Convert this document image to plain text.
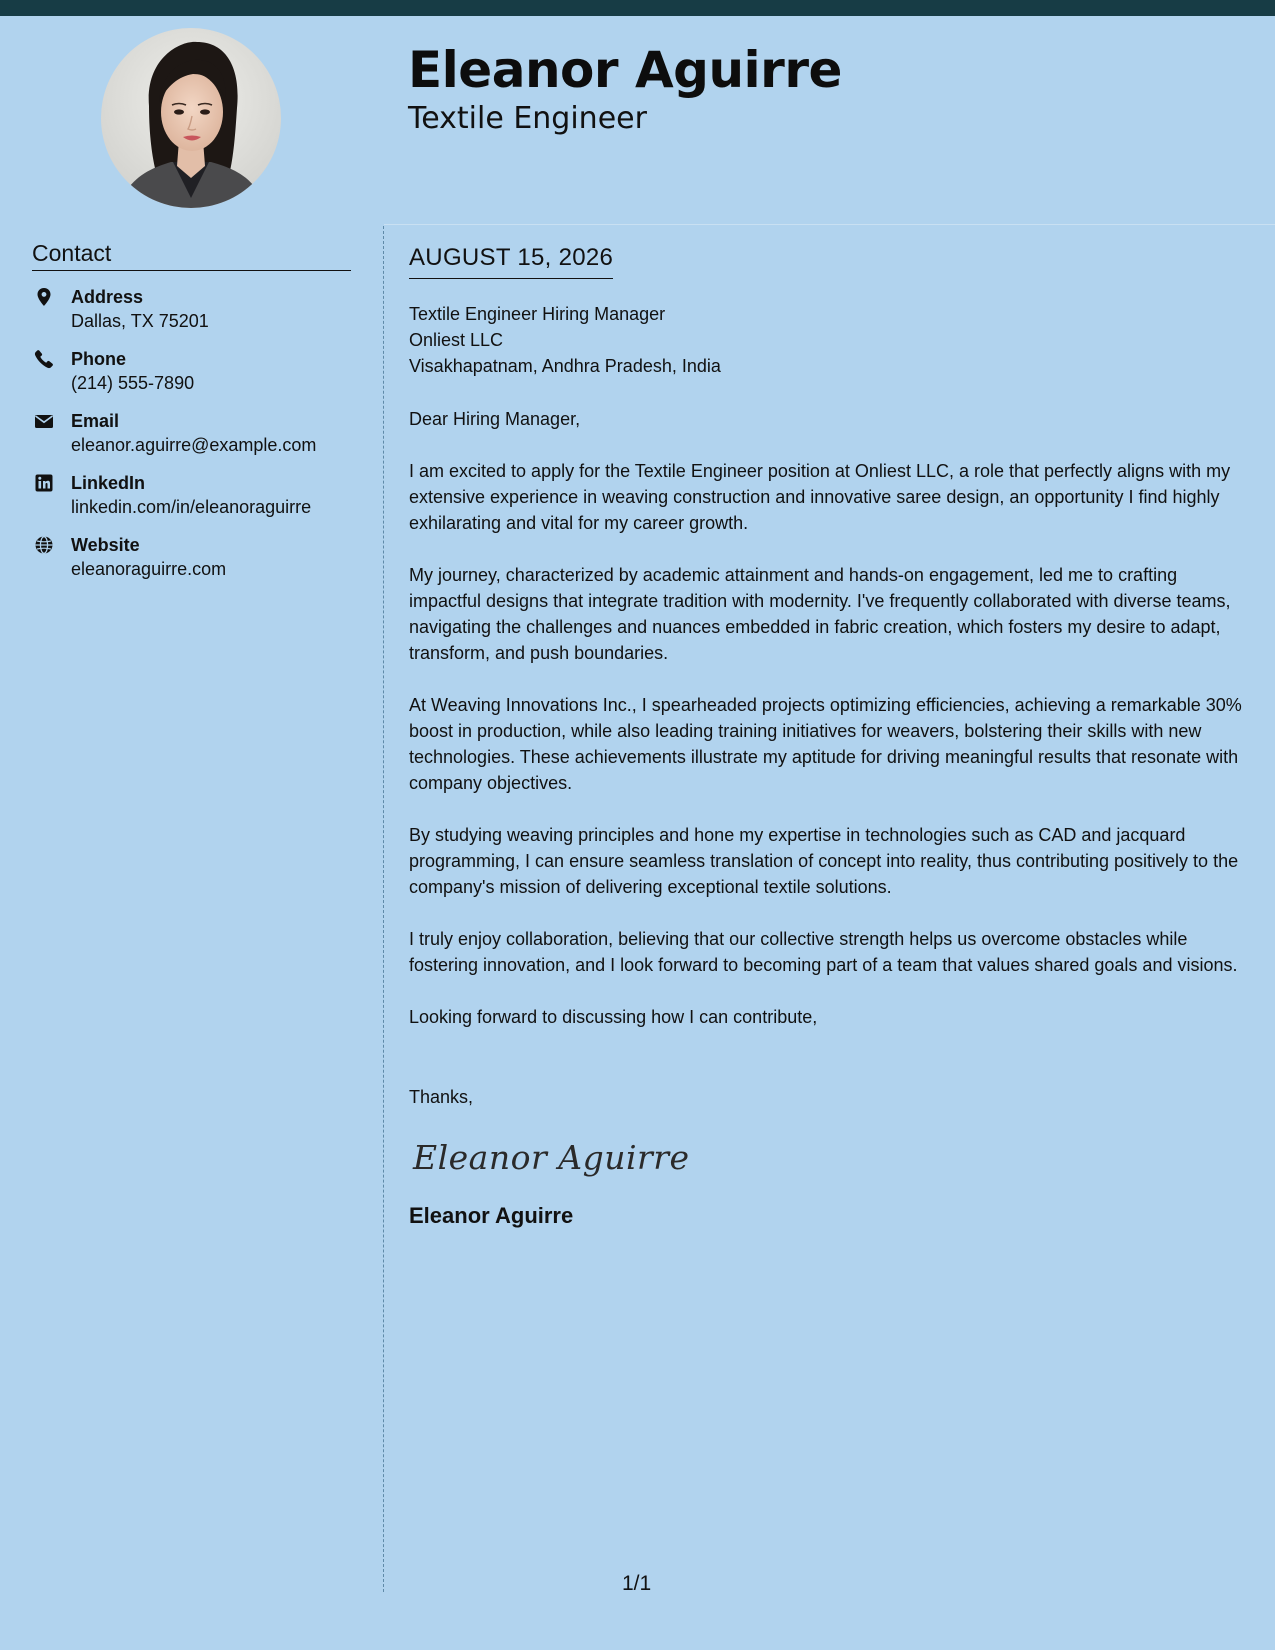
Eleanor Aguirre
Textile Engineer
Contact
Address
Dallas, TX 75201
Phone
(214) 555-7890
Email
eleanor.aguirre@example.com
LinkedIn
linkedin.com/in/eleanoraguirre
Website
eleanoraguirre.com
AUGUST 15, 2026
Textile Engineer Hiring Manager
Onliest LLC
Visakhapatnam, Andhra Pradesh, India
Dear Hiring Manager,

I am excited to apply for the Textile Engineer position at Onliest LLC, a role that perfectly aligns with my extensive experience in weaving construction and innovative saree design, an opportunity I find highly exhilarating and vital for my career growth.

My journey, characterized by academic attainment and hands-on engagement, led me to crafting impactful designs that integrate tradition with modernity. I've frequently collaborated with diverse teams, navigating the challenges and nuances embedded in fabric creation, which fosters my desire to adapt, transform, and push boundaries.

At Weaving Innovations Inc., I spearheaded projects optimizing efficiencies, achieving a remarkable 30% boost in production, while also leading training initiatives for weavers, bolstering their skills with new technologies. These achievements illustrate my aptitude for driving meaningful results that resonate with company objectives.

By studying weaving principles and hone my expertise in technologies such as CAD and jacquard programming, I can ensure seamless translation of concept into reality, thus contributing positively to the company's mission of delivering exceptional textile solutions.

I truly enjoy collaboration, believing that our collective strength helps us overcome obstacles while fostering innovation, and I look forward to becoming part of a team that values shared goals and visions.

Looking forward to discussing how I can contribute,
Thanks,
Eleanor Aguirre
Eleanor Aguirre
1/1
